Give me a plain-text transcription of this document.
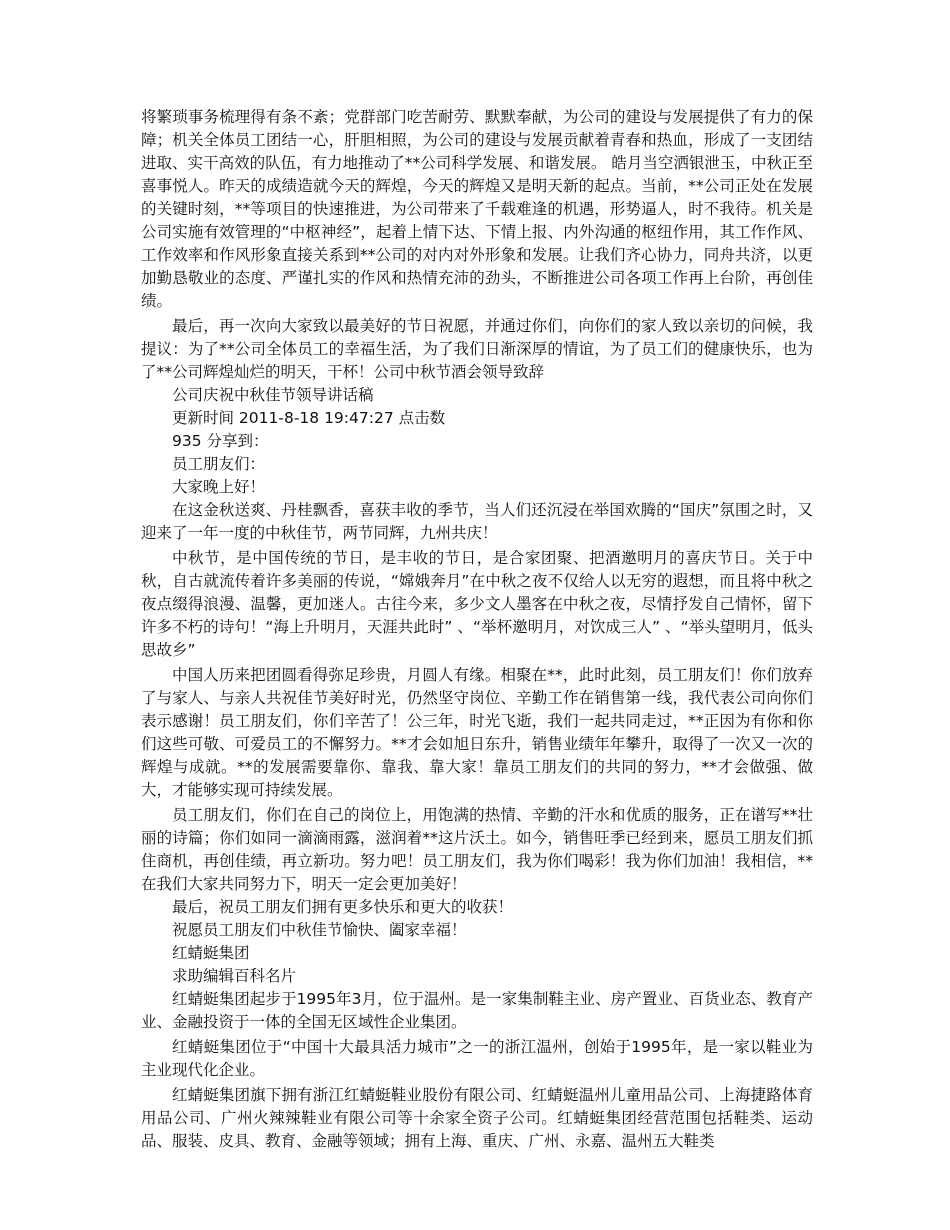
将繁琐事务梳理得有条不紊；党群部门吃苦耐劳、默默奉献，为公司的建设与发展提供了有力的保障；机关全体员工团结一心，肝胆相照，为公司的建设与发展贡献着青春和热血，形成了一支团结进取、实干高效的队伍，有力地推动了**公司科学发展、和谐发展。 皓月当空洒银泄玉，中秋正至喜事悦人。昨天的成绩造就今天的辉煌，今天的辉煌又是明天新的起点。当前，**公司正处在发展的关键时刻，**等项目的快速推进，为公司带来了千载难逢的机遇，形势逼人，时不我待。机关是公司实施有效管理的“中枢神经”，起着上情下达、下情上报、内外沟通的枢纽作用，其工作作风、工作效率和作风形象直接关系到**公司的对内对外形象和发展。让我们齐心协力，同舟共济，以更加勤恳敬业的态度、严谨扎实的作风和热情充沛的劲头，不断推进公司各项工作再上台阶，再创佳绩。

最后，再一次向大家致以最美好的节日祝愿，并通过你们，向你们的家人致以亲切的问候，我提议：为了**公司全体员工的幸福生活，为了我们日渐深厚的情谊，为了员工们的健康快乐，也为了**公司辉煌灿烂的明天，干杯！公司中秋节酒会领导致辞

公司庆祝中秋佳节领导讲话稿

更新时间 2011-8-18 19:47:27 点击数

935 分享到：

员工朋友们：

大家晚上好！

在这金秋送爽、丹桂飘香，喜获丰收的季节，当人们还沉浸在举国欢腾的“国庆”氛围之时，又迎来了一年一度的中秋佳节，两节同辉，九州共庆！

中秋节，是中国传统的节日，是丰收的节日，是合家团聚、把酒邀明月的喜庆节日。关于中秋，自古就流传着许多美丽的传说，“嫦娥奔月”在中秋之夜不仅给人以无穷的遐想，而且将中秋之夜点缀得浪漫、温馨，更加迷人。古往今来，多少文人墨客在中秋之夜，尽情抒发自己情怀，留下许多不朽的诗句！“海上升明月，天涯共此时” 、“举杯邀明月，对饮成三人” 、“举头望明月，低头思故乡”

中国人历来把团圆看得弥足珍贵，月圆人有缘。相聚在**，此时此刻，员工朋友们！你们放弃了与家人、与亲人共祝佳节美好时光，仍然坚守岗位、辛勤工作在销售第一线，我代表公司向你们表示感谢！员工朋友们，你们辛苦了！公三年，时光飞逝，我们一起共同走过，**正因为有你和你们这些可敬、可爱员工的不懈努力。**才会如旭日东升，销售业绩年年攀升，取得了一次又一次的辉煌与成就。**的发展需要靠你、靠我、靠大家！靠员工朋友们的共同的努力，**才会做强、做大，才能够实现可持续发展。

员工朋友们，你们在自己的岗位上，用饱满的热情、辛勤的汗水和优质的服务，正在谱写**壮丽的诗篇；你们如同一滴滴雨露，滋润着**这片沃土。如今，销售旺季已经到来，愿员工朋友们抓住商机，再创佳绩，再立新功。努力吧！员工朋友们，我为你们喝彩！我为你们加油！我相信，**在我们大家共同努力下，明天一定会更加美好！

最后，祝员工朋友们拥有更多快乐和更大的收获！

祝愿员工朋友们中秋佳节愉快、阖家幸福！

红蜻蜓集团

求助编辑百科名片

红蜻蜓集团起步于1995年3月，位于温州。是一家集制鞋主业、房产置业、百货业态、教育产业、金融投资于一体的全国无区域性企业集团。

红蜻蜓集团位于“中国十大最具活力城市”之一的浙江温州，创始于1995年，是一家以鞋业为主业现代化企业。

红蜻蜓集团旗下拥有浙江红蜻蜓鞋业股份有限公司、红蜻蜓温州儿童用品公司、上海捷路体育用品公司、广州火辣辣鞋业有限公司等十余家全资子公司。红蜻蜓集团经营范围包括鞋类、运动品、服装、皮具、教育、金融等领域；拥有上海、重庆、广州、永嘉、温州五大鞋类
